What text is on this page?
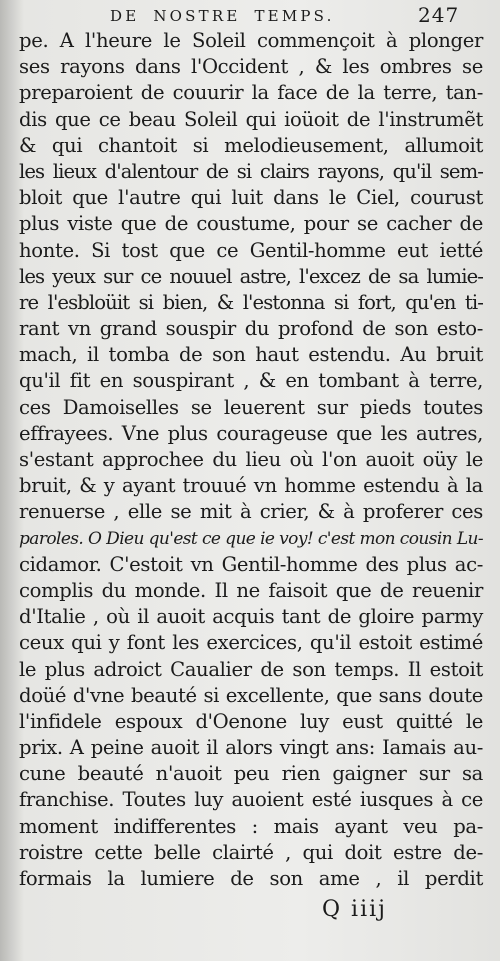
DE NOSTRE TEMPS.	247
pe. A l'heure le Soleil commençoit à plonger
ses rayons dans l'Occident , & les ombres se
preparoient de couurir la face de la terre, tan-
dis que ce beau Soleil qui ioüoit de l'instrumẽt
& qui chantoit si melodieusement, allumoit
les lieux d'alentour de si clairs rayons, qu'il sem-
bloit que l'autre qui luit dans le Ciel, courust
plus viste que de coustume, pour se cacher de
honte. Si tost que ce Gentil-homme eut ietté
les yeux sur ce nouuel astre, l'excez de sa lumie-
re l'esbloüit si bien, & l'estonna si fort, qu'en ti-
rant vn grand souspir du profond de son esto-
mach, il tomba de son haut estendu. Au bruit
qu'il fit en souspirant , & en tombant à terre,
ces Damoiselles se leuerent sur pieds toutes
effrayees. Vne plus courageuse que les autres,
s'estant approchee du lieu où l'on auoit oüy le
bruit, & y ayant trouué vn homme estendu à la
renuerse , elle se mit à crier, & à proferer ces
paroles. O Dieu qu'est ce que ie voy! c'est mon cousin Lu-
cidamor. C'estoit vn Gentil-homme des plus ac-
complis du monde. Il ne faisoit que de reuenir
d'Italie , où il auoit acquis tant de gloire parmy
ceux qui y font les exercices, qu'il estoit estimé
le plus adroict Caualier de son temps. Il estoit
doüé d'vne beauté si excellente, que sans doute
l'infidele espoux d'Oenone luy eust quitté le
prix. A peine auoit il alors vingt ans: Iamais au-
cune beauté n'auoit peu rien gaigner sur sa
franchise. Toutes luy auoient esté iusques à ce
moment indifferentes : mais ayant veu pa-
roistre cette belle clairté , qui doit estre de-
formais la lumiere de son ame , il perdit
Q iiij
